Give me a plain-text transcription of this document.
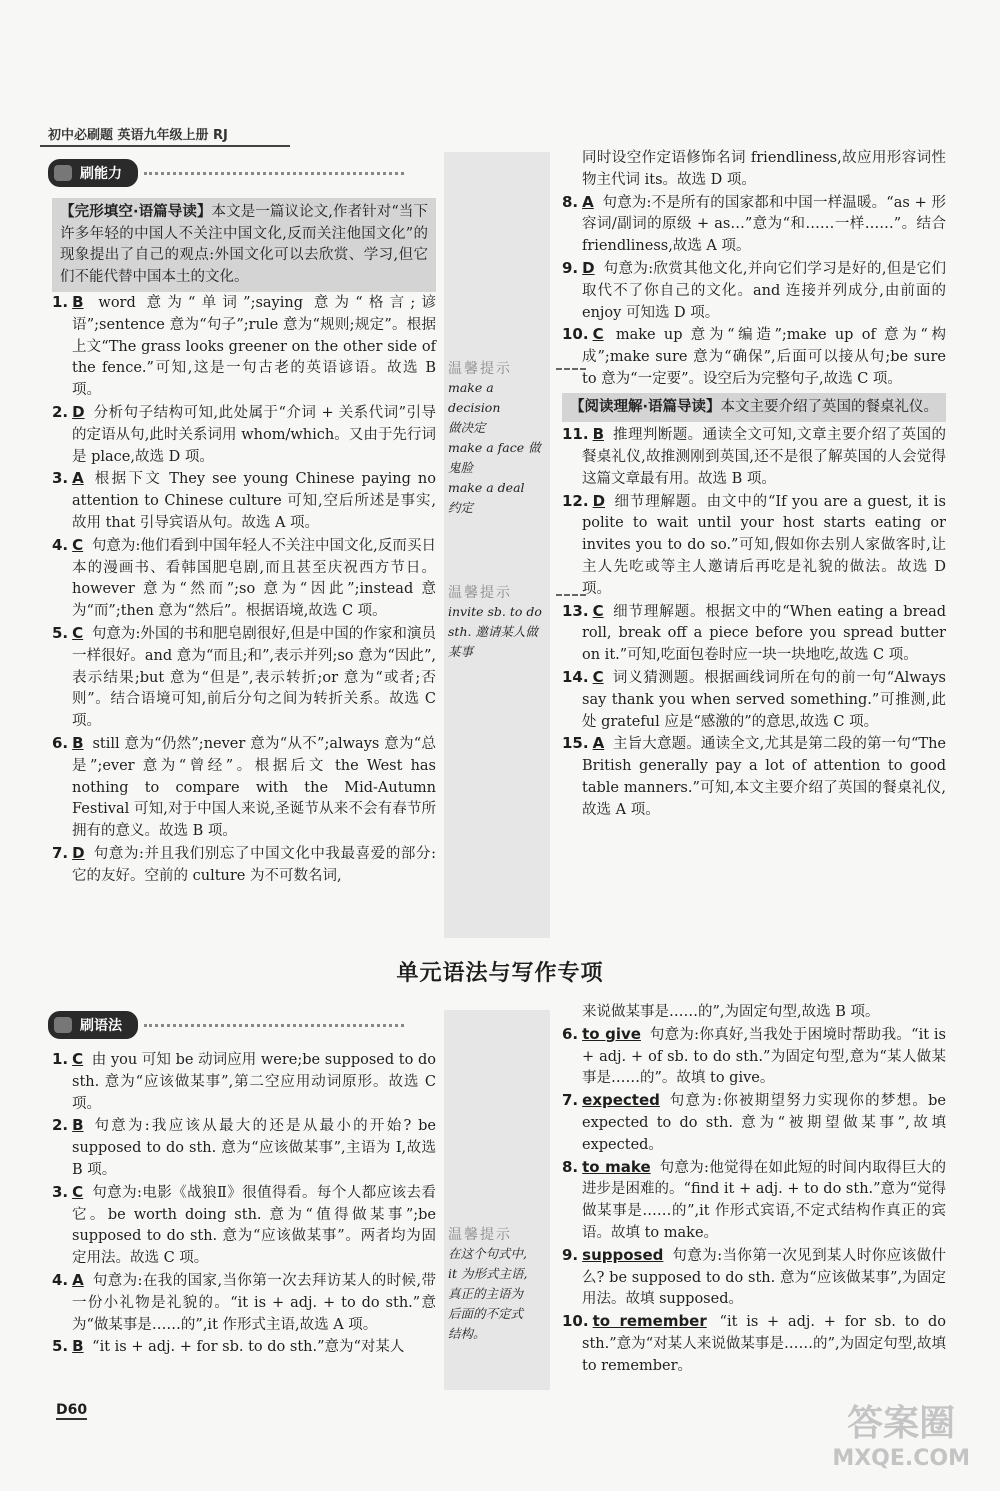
初中必刷题 英语九年级上册 RJ
刷能力
【完形填空·语篇导读】本文是一篇议论文,作者针对“当下许多年轻的中国人不关注中国文化,反而关注他国文化”的现象提出了自己的观点:外国文化可以去欣赏、学习,但它们不能代替中国本土的文化。

1. B word 意为“单词”;saying 意为“格言;谚语”;sentence 意为“句子”;rule 意为“规则;规定”。根据上文“The grass looks greener on the other side of the fence.”可知,这是一句古老的英语谚语。故选 B 项。

2. D 分析句子结构可知,此处属于“介词 + 关系代词”引导的定语从句,此时关系词用 whom/which。又由于先行词是 place,故选 D 项。

3. A 根据下文 They see young Chinese paying no attention to Chinese culture 可知,空后所述是事实,故用 that 引导宾语从句。故选 A 项。

4. C 句意为:他们看到中国年轻人不关注中国文化,反而买日本的漫画书、看韩国肥皂剧,而且甚至庆祝西方节日。however 意为“然而”;so 意为“因此”;instead 意为“而”;then 意为“然后”。根据语境,故选 C 项。

5. C 句意为:外国的书和肥皂剧很好,但是中国的作家和演员一样很好。and 意为“而且;和”,表示并列;so 意为“因此”,表示结果;but 意为“但是”,表示转折;or 意为“或者;否则”。结合语境可知,前后分句之间为转折关系。故选 C 项。

6. B still 意为“仍然”;never 意为“从不”;always 意为“总是”;ever 意为“曾经”。根据后文 the West has nothing to compare with the Mid-Autumn Festival 可知,对于中国人来说,圣诞节从来不会有春节所拥有的意义。故选 B 项。

7. D 句意为:并且我们别忘了中国文化中我最喜爱的部分:它的友好。空前的 culture 为不可数名词,

温馨提示
make a decision
做决定
make a face 做
鬼脸
make a deal
约定
温馨提示
invite sb. to do
sth. 邀请某人做
某事

同时设空作定语修饰名词 friendliness,故应用形容词性物主代词 its。故选 D 项。

8. A 句意为:不是所有的国家都和中国一样温暖。“as + 形容词/副词的原级 + as…”意为“和……一样……”。结合 friendliness,故选 A 项。

9. D 句意为:欣赏其他文化,并向它们学习是好的,但是它们取代不了你自己的文化。and 连接并列成分,由前面的 enjoy 可知选 D 项。

10. C make up 意为“编造”;make up of 意为“构成”;make sure 意为“确保”,后面可以接从句;be sure to 意为“一定要”。设空后为完整句子,故选 C 项。

【阅读理解·语篇导读】本文主要介绍了英国的餐桌礼仪。

11. B 推理判断题。通读全文可知,文章主要介绍了英国的餐桌礼仪,故推测刚到英国,还不是很了解英国的人会觉得这篇文章最有用。故选 B 项。

12. D 细节理解题。由文中的“If you are a guest, it is polite to wait until your host starts eating or invites you to do so.”可知,假如你去别人家做客时,让主人先吃或等主人邀请后再吃是礼貌的做法。故选 D 项。

13. C 细节理解题。根据文中的“When eating a bread roll, break off a piece before you spread butter on it.”可知,吃面包卷时应一块一块地吃,故选 C 项。

14. C 词义猜测题。根据画线词所在句的前一句“Always say thank you when served something.”可推测,此处 grateful 应是“感激的”的意思,故选 C 项。

15. A 主旨大意题。通读全文,尤其是第二段的第一句“The British generally pay a lot of attention to good table manners.”可知,本文主要介绍了英国的餐桌礼仪,故选 A 项。

单元语法与写作专项
刷语法

1. C 由 you 可知 be 动词应用 were;be supposed to do sth. 意为“应该做某事”,第二空应用动词原形。故选 C 项。

2. B 句意为:我应该从最大的还是从最小的开始? be supposed to do sth. 意为“应该做某事”,主语为 I,故选 B 项。

3. C 句意为:电影《战狼Ⅱ》很值得看。每个人都应该去看它。be worth doing sth. 意为“值得做某事”;be supposed to do sth. 意为“应该做某事”。两者均为固定用法。故选 C 项。

4. A 句意为:在我的国家,当你第一次去拜访某人的时候,带一份小礼物是礼貌的。“it is + adj. + to do sth.”意为“做某事是……的”,it 作形式主语,故选 A 项。

5. B “it is + adj. + for sb. to do sth.”意为“对某人

温馨提示
在这个句式中,
it 为形式主语,
真正的主语为
后面的不定式
结构。

来说做某事是……的”,为固定句型,故选 B 项。

6. to give 句意为:你真好,当我处于困境时帮助我。“it is + adj. + of sb. to do sth.”为固定句型,意为“某人做某事是……的”。故填 to give。

7. expected 句意为:你被期望努力实现你的梦想。be expected to do sth. 意为“被期望做某事”,故填 expected。

8. to make 句意为:他觉得在如此短的时间内取得巨大的进步是困难的。“find it + adj. + to do sth.”意为“觉得做某事是……的”,it 作形式宾语,不定式结构作真正的宾语。故填 to make。

9. supposed 句意为:当你第一次见到某人时你应该做什么? be supposed to do sth. 意为“应该做某事”,为固定用法。故填 supposed。

10. to remember “it is + adj. + for sb. to do sth.”意为“对某人来说做某事是……的”,为固定句型,故填 to remember。

D60	答案圈
MXQE.COM
